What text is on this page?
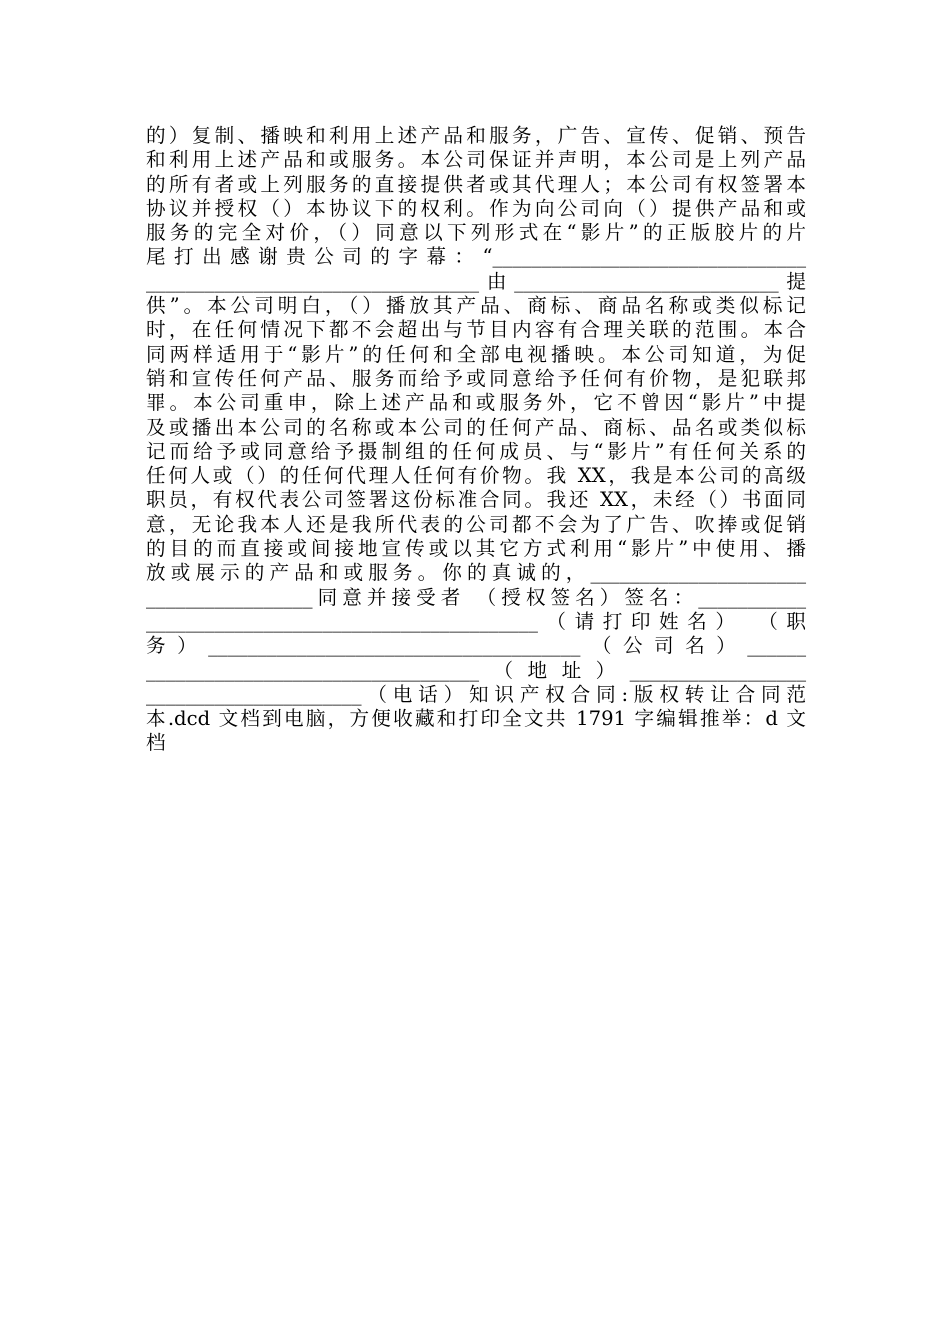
的）复制、播映和利用上述产品和服务，广告、宣传、促销、预告
和利用上述产品和或服务。本公司保证并声明，本公司是上列产品
的所有者或上列服务的直接提供者或其代理人；本公司有权签署本
协议并授权（）本协议下的权利。作为向公司向（）提供产品和或
服务的完全对价，（）同意以下列形式在“影片”的正版胶片的片
尾打出感谢贵公司的字幕：“________________________________
__________________________________由___________________________提
供”。本公司明白，（）播放其产品、商标、商品名称或类似标记
时，在任何情况下都不会超出与节目内容有合理关联的范围。本合
同两样适用于“影片”的任何和全部电视播映。本公司知道，为促
销和宣传任何产品、服务而给予或同意给予任何有价物，是犯联邦
罪。本公司重申，除上述产品和或服务外，它不曾因“影片”中提
及或播出本公司的名称或本公司的任何产品、商标、品名或类似标
记而给予或同意给予摄制组的任何成员、与“影片”有任何关系的
任何人或（）的任何代理人任何有价物。我 XX，我是本公司的高级
职员，有权代表公司签署这份标准合同。我还 XX，未经（）书面同
意，无论我本人还是我所代表的公司都不会为了广告、吹捧或促销
的目的而直接或间接地宣传或以其它方式利用“影片”中使用、播
放或展示的产品和或服务。你的真诚的，______________________
_________________同意并接受者 （授权签名）签名：___________
________________________________________（请打印姓名） （职
务）______________________________________（公司名）______
__________________________________（地址）__________________
______________________（电话）知识产权合同:版权转让合同范
本.dcd 文档到电脑，方便收藏和打印全文共 1791 字编辑推举：d 文
档
